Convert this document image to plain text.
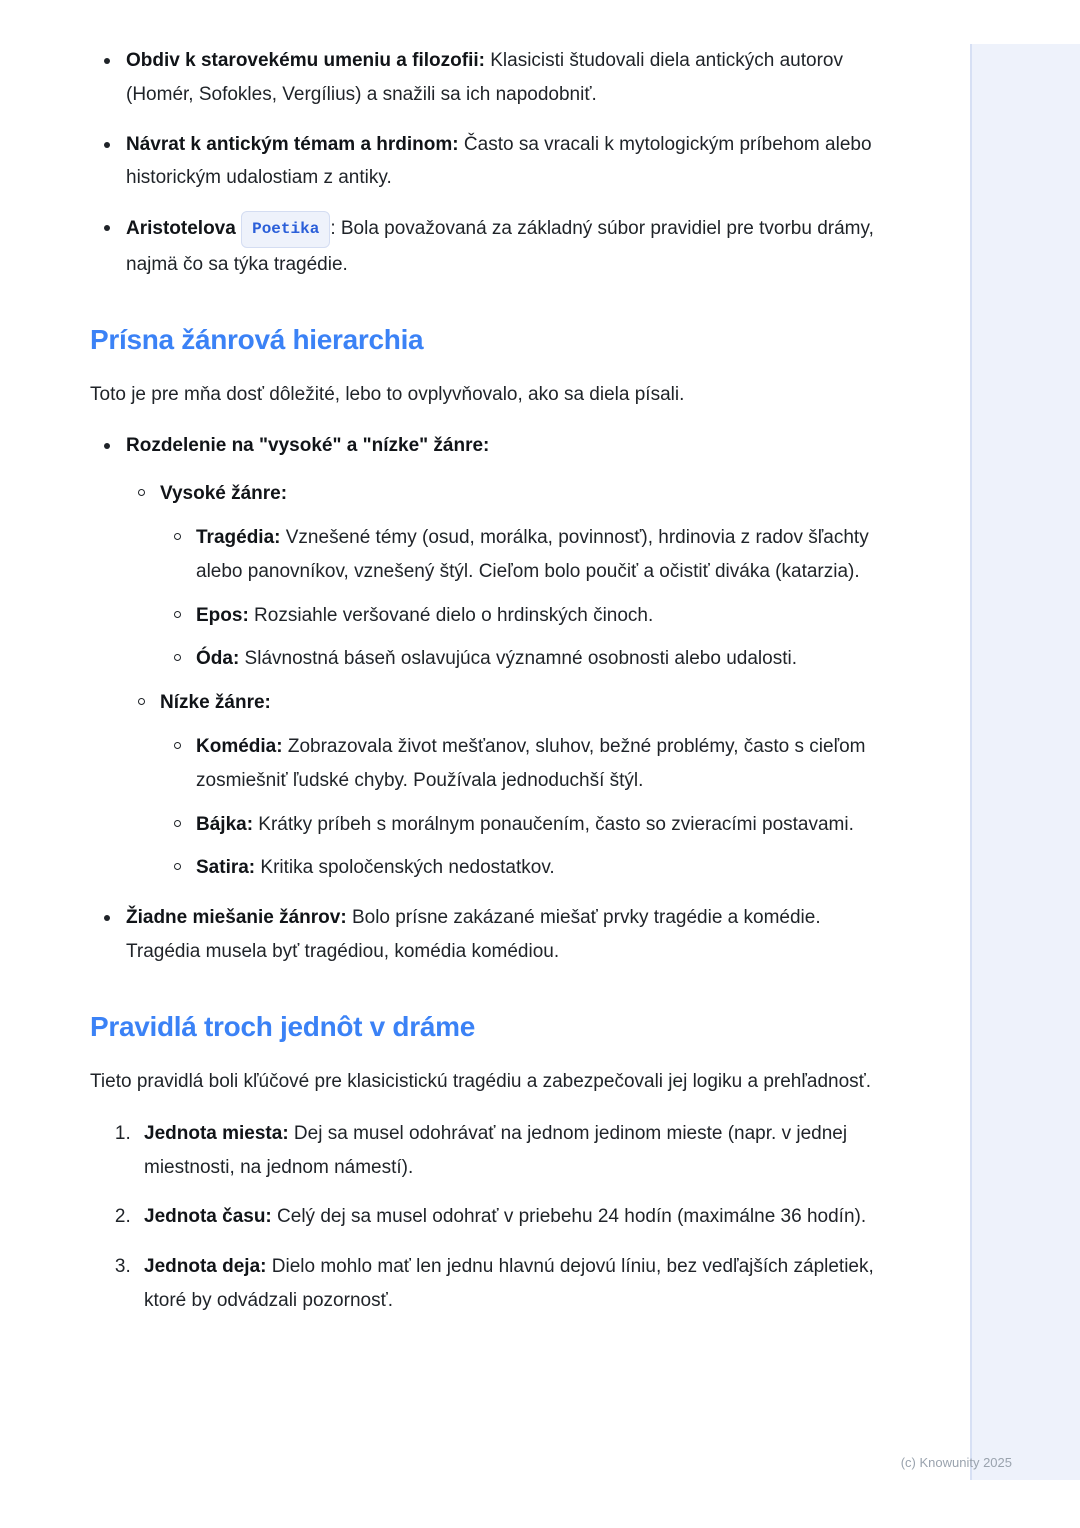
Obdiv k starovekému umeniu a filozofii: Klasicisti študovali diela antických autorov (Homér, Sofokles, Vergílius) a snažili sa ich napodobniť.
Návrat k antickým témam a hrdinom: Často sa vracali k mytologickým príbehom alebo historickým udalostiam z antiky.
Aristotelova Poetika : Bola považovaná za základný súbor pravidiel pre tvorbu drámy, najmä čo sa týka tragédie.
Prísna žánrová hierarchia

Toto je pre mňa dosť dôležité, lebo to ovplyvňovalo, ako sa diela písali.

Rozdelenie na "vysoké" a "nízke" žánre:
Vysoké žánre:
Tragédia: Vznešené témy (osud, morálka, povinnosť), hrdinovia z radov šľachty alebo panovníkov, vznešený štýl. Cieľom bolo poučiť a očistiť diváka (katarzia).
Epos: Rozsiahle veršované dielo o hrdinských činoch.
Óda: Slávnostná báseň oslavujúca významné osobnosti alebo udalosti.
Nízke žánre:
Komédia: Zobrazovala život mešťanov, sluhov, bežné problémy, často s cieľom zosmiešniť ľudské chyby. Používala jednoduchší štýl.
Bájka: Krátky príbeh s morálnym ponaučením, často so zvieracími postavami.
Satira: Kritika spoločenských nedostatkov.
Žiadne miešanie žánrov: Bolo prísne zakázané miešať prvky tragédie a komédie. Tragédia musela byť tragédiou, komédia komédiou.
Pravidlá troch jednôt v dráme

Tieto pravidlá boli kľúčové pre klasicistickú tragédiu a zabezpečovali jej logiku a prehľadnosť.

1. Jednota miesta: Dej sa musel odohrávať na jednom jedinom mieste (napr. v jednej miestnosti, na jednom námestí).
2. Jednota času: Celý dej sa musel odohrať v priebehu 24 hodín (maximálne 36 hodín).
3. Jednota deja: Dielo mohlo mať len jednu hlavnú dejovú líniu, bez vedľajších zápletiek, ktoré by odvádzali pozornosť.
(c) Knowunity 2025
